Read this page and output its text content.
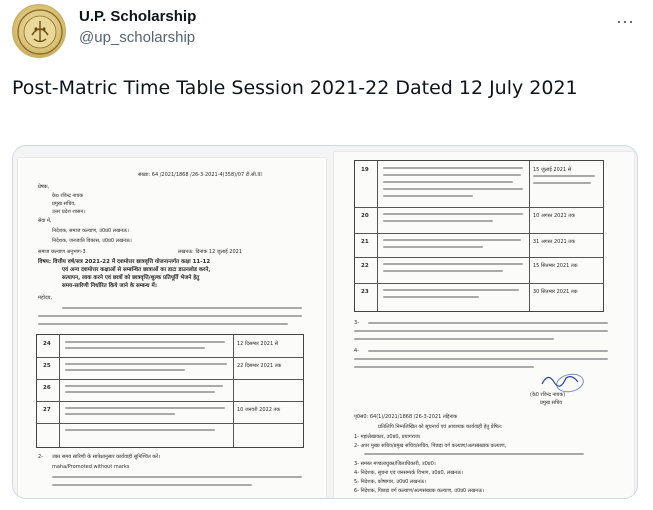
U.P. Scholarship
@up_scholarship
⋯
Post-Matric Time Table Session 2021-22 Dated 12 July 2021
संख्या: 64 /2021/1868 /26-3-2021-4(358)/07 टी.सी.III
प्रेषक,
केo रविन्द्र नायक
प्रमुख सचिव,
उत्तर प्रदेश शासन।
सेवा में,
निदेशक, समाज कल्याण, उ0प्र0 लखनऊ।
निदेशक, जनजाति विकास, उ0प्र0 लखनऊ।
समाज कल्याण अनुभाग-3	लखनऊ: दिनांक 12 जुलाई 2021
विषय: वित्तीय वर्ष/सत्र 2021-22 में दशमोत्तर छात्रवृत्ति योजनान्तर्गत कक्षा 11-12
एवं अन्य दशमोत्तर कक्षाओं से सम्बन्धित छात्राओं का डाटा डाउनलोड करने,
सत्यापन, लाक करने एवं छात्रों को छात्रवृत्ति/शुल्क प्रतिपूर्ति भेजने हेतु
समय-सारिणी निर्धारित किये जाने के सम्बन्ध में।
महोदय,
24
25
26
27
12 दिसम्बर 2021 से
22 दिसम्बर 2021 तक
10 जनवरी 2022 तक
2- उक्त समय सारिणी के सापेक्षानुसार कार्यवाही सुनिश्चित करें।
maha/Promoted without marks
19
20
21
22
23
15 जुलाई 2021 से
10 अगस्त 2021 तक
31 अगस्त 2021 तक
15 सितम्बर 2021 तक
30 सितम्बर 2021 तक
3-
4-
(के0 रविन्द्र नायक)
प्रमुख सचिव
पृ0सं0: 64(1)/2021/1868 /26-3-2021 तद्दिनांक
प्रतिलिपि निम्नलिखित को सूचनार्थ एवं आवश्यक कार्यवाही हेतु प्रेषित:
1- महालेखाकार, उ0प्र0, प्रयागराज।
2- अपर मुख्य सचिव/प्रमुख सचिव/सचिव, पिछड़ा वर्ग कल्याण/अल्पसंख्यक कल्याण,
3- समस्त मण्डलायुक्त/जिलाधिकारी, उ0प्र0।
4- निदेशक, सूचना एवं जनसम्पर्क विभाग, उ0प्र0, लखनऊ।
5- निदेशक, कोषागार, उ0प्र0 लखनऊ।
6- निदेशक, पिछड़ा वर्ग कल्याण/अल्पसंख्यक कल्याण, उ0प्र0 लखनऊ।
